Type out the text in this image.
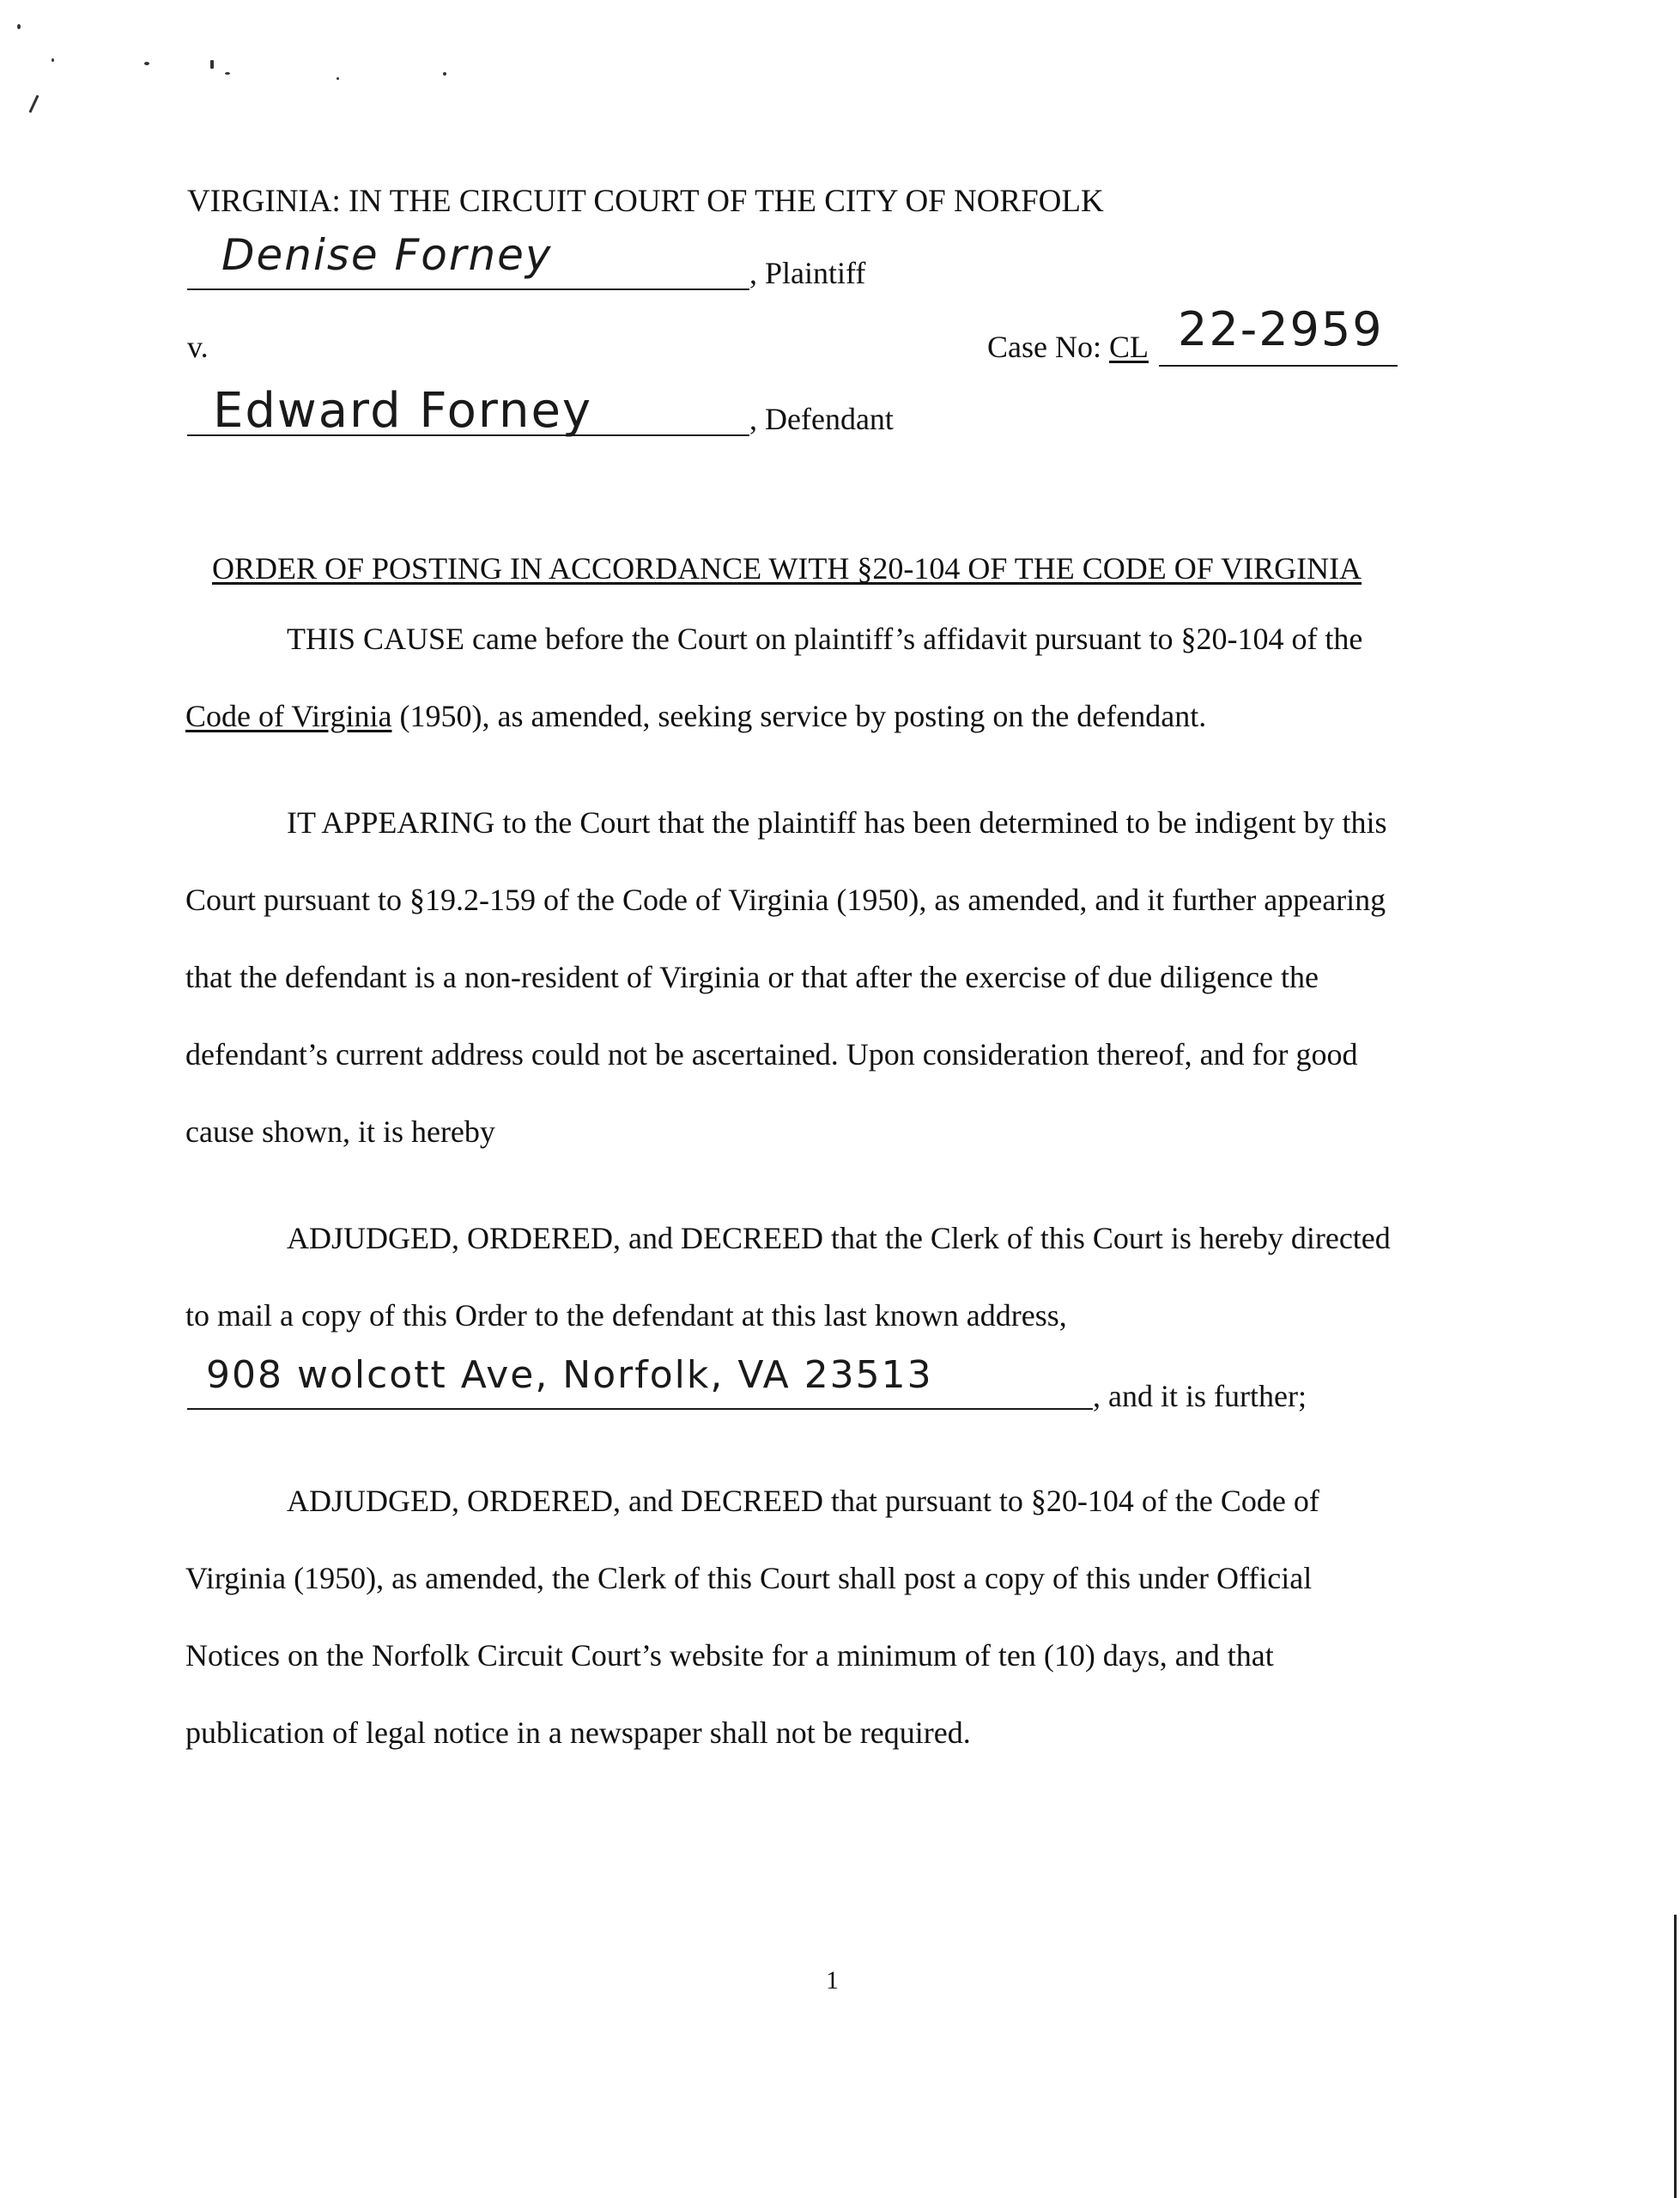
VIRGINIA: IN THE CIRCUIT COURT OF THE CITY OF NORFOLK
Denise Forney	, Plaintiff
v.	Case No: CL 22-2959
Edward Forney	, Defendant
ORDER OF POSTING IN ACCORDANCE WITH §20-104 OF THE CODE OF VIRGINIA
THIS CAUSE came before the Court on plaintiff’s affidavit pursuant to §20-104 of the
Code of Virginia (1950), as amended, seeking service by posting on the defendant.
IT APPEARING to the Court that the plaintiff has been determined to be indigent by this
Court pursuant to §19.2-159 of the Code of Virginia (1950), as amended, and it further appearing
that the defendant is a non-resident of Virginia or that after the exercise of due diligence the
defendant’s current address could not be ascertained. Upon consideration thereof, and for good
cause shown, it is hereby
ADJUDGED, ORDERED, and DECREED that the Clerk of this Court is hereby directed
to mail a copy of this Order to the defendant at this last known address,
908 wolcott Ave, Norfolk, VA 23513	, and it is further;
ADJUDGED, ORDERED, and DECREED that pursuant to §20-104 of the Code of
Virginia (1950), as amended, the Clerk of this Court shall post a copy of this under Official
Notices on the Norfolk Circuit Court’s website for a minimum of ten (10) days, and that
publication of legal notice in a newspaper shall not be required.
1
